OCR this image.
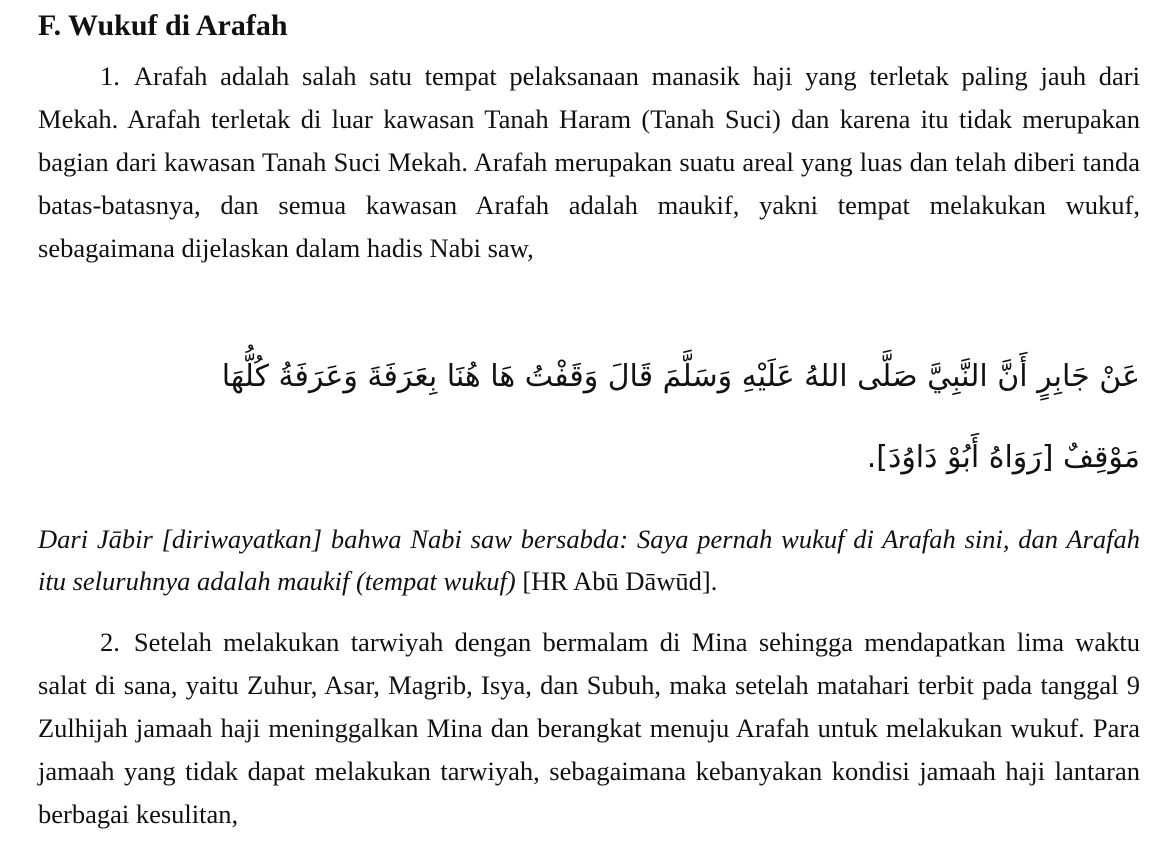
F. Wukuf di Arafah
1. Arafah adalah salah satu tempat pelaksanaan manasik haji yang terletak paling jauh dari Mekah. Arafah terletak di luar kawasan Tanah Haram (Tanah Suci) dan karena itu tidak merupakan bagian dari kawasan Tanah Suci Mekah. Arafah merupakan suatu areal yang luas dan telah diberi tanda batas-batasnya, dan semua kawasan Arafah adalah maukif, yakni tempat melakukan wukuf, sebagaimana dijelaskan dalam hadis Nabi saw,
عَنْ جَابِرٍ أَنَّ النَّبِيَّ صَلَّى اللهُ عَلَيْهِ وَسَلَّمَ قَالَ وَقَفْتُ هَا هُنَا بِعَرَفَةَ وَعَرَفَةُ كُلُّهَا
مَوْقِفٌ [رَوَاهُ أَبُوْ دَاوُدَ].
Dari Jābir [diriwayatkan] bahwa Nabi saw bersabda: Saya pernah wukuf di Arafah sini, dan Arafah itu seluruhnya adalah maukif (tempat wukuf) [HR Abū Dāwūd].
2. Setelah melakukan tarwiyah dengan bermalam di Mina sehingga mendapatkan lima waktu salat di sana, yaitu Zuhur, Asar, Magrib, Isya, dan Subuh, maka setelah matahari terbit pada tanggal 9 Zulhijah jamaah haji meninggalkan Mina dan berangkat menuju Arafah untuk melakukan wukuf. Para jamaah yang tidak dapat melakukan tarwiyah, sebagaimana kebanyakan kondisi jamaah haji lantaran berbagai kesulitan,
